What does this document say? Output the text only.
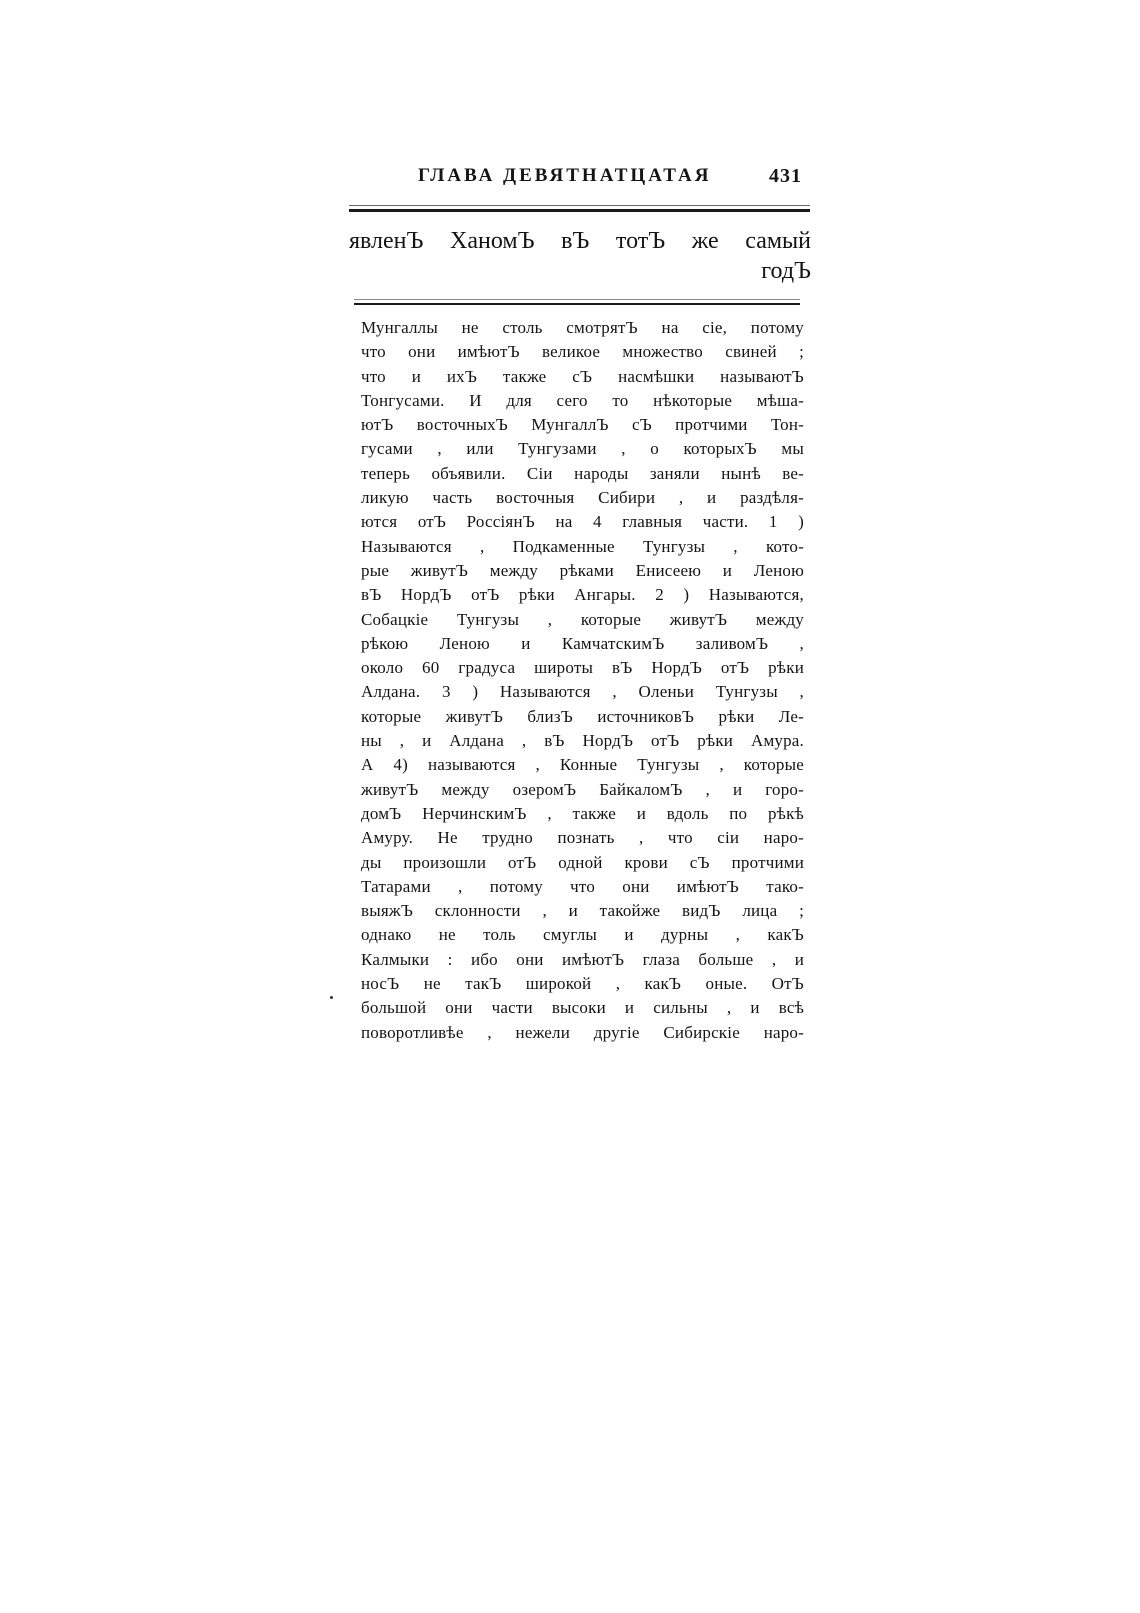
ГЛАВА ДЕВЯТНАТЦАТАЯ	431
явленЪ ХаномЪ вЪ тотЪ же самый
годЪ
Мунгаллы не столь смотрятЪ на сіе, потому
что они имѣютЪ великое множество свиней ;
что и ихЪ также сЪ насмѣшки называютЪ
Тонгусами. И для сего то нѣкоторые мѣша-
ютЪ восточныхЪ МунгаллЪ сЪ протчими Тон-
гусами , или Тунгузами , о которыхЪ мы
теперь объявили. Сіи народы заняли нынѣ ве-
ликую часть восточныя Сибири , и раздѣля-
ются отЪ РоссіянЪ на 4 главныя части. 1 )
Называются , Подкаменные Тунгузы , кото-
рые живутЪ между рѣками Енисеею и Леною
вЪ НордЪ отЪ рѣки Ангары. 2 ) Называются,
Собацкіе Тунгузы , которые живутЪ между
рѣкою Леною и КамчатскимЪ заливомЪ ,
около 60 градуса широты вЪ НордЪ отЪ рѣки
Алдана. 3 ) Называются , Оленьи Тунгузы ,
которые живутЪ близЪ источниковЪ рѣки Ле-
ны , и Алдана , вЪ НордЪ отЪ рѣки Амура.
А 4) называются , Конные Тунгузы , которые
живутЪ между озеромЪ БайкаломЪ , и горо-
домЪ НерчинскимЪ , также и вдоль по рѣкѣ
Амуру. Не трудно познать , что сіи наро-
ды произошли отЪ одной крови сЪ протчими
Татарами , потому что они имѣютЪ тако-
выяжЪ склонности , и такойже видЪ лица ;
однако не толь смуглы и дурны , какЪ
Калмыки : ибо они имѣютЪ глаза больше , и
носЪ не такЪ широкой , какЪ оные. ОтЪ
большой они части высоки и сильны , и всѣ
поворотливѣе , нежели другіе Сибирскіе наро-
